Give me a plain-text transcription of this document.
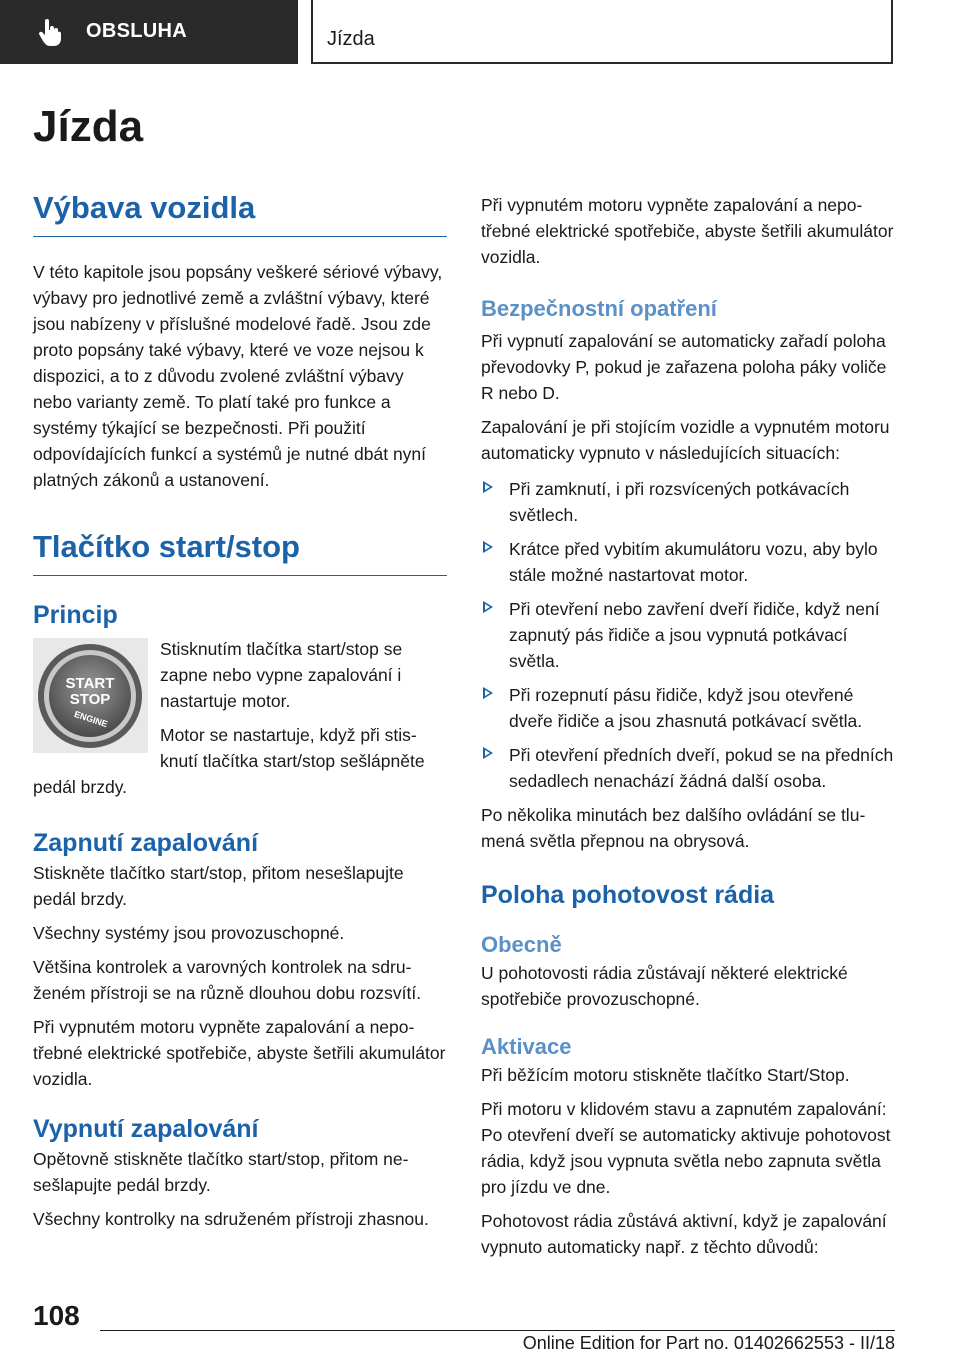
OBSLUHA	Jízda
Jízda
Výbava vozidla

V této kapitole jsou popsány veškeré sériové výbavy, výbavy pro jednotlivé země a zvláštní výbavy, které jsou nabízeny v příslušné modelové řadě. Jsou zde proto popsány také výbavy, které ve voze nejsou k dispozici, a to z důvodu zvolené zvláštní výbavy nebo varianty země. To platí také pro funkce a systémy týkající se bezpečnosti. Při použití odpovídajících funkcí a systémů je nutné dbát nyní platných zákonů a ustanovení.

Tlačítko start/stop
Princip
START
STOP
ENGINE

Stisknutím tlačítka start/stop se zapne nebo vypne zapalování i nastartuje motor.

Motor se nastartuje, když při stisknutí tlačítka start/stop sešlápněte pedál brzdy.

Zapnutí zapalování

Stiskněte tlačítko start/stop, přitom nesešlapujte pedál brzdy.

Všechny systémy jsou provozuschopné.

Většina kontrolek a varovných kontrolek na sdruženém přístroji se na různě dlouhou dobu rozsvítí.

Při vypnutém motoru vypněte zapalování a nepotřebné elektrické spotřebiče, abyste šetřili akumulátor vozidla.

Vypnutí zapalování

Opětovně stiskněte tlačítko start/stop, přitom nesešlapujte pedál brzdy.

Všechny kontrolky na sdruženém přístroji zhasnou.

Při vypnutém motoru vypněte zapalování a nepotřebné elektrické spotřebiče, abyste šetřili akumulátor vozidla.

Bezpečnostní opatření

Při vypnutí zapalování se automaticky zařadí poloha převodovky P, pokud je zařazena poloha páky voliče R nebo D.

Zapalování je při stojícím vozidle a vypnutém motoru automaticky vypnuto v následujících situacích:

Při zamknutí, i při rozsvícených potkávacích světlech.
Krátce před vybitím akumulátoru vozu, aby bylo stále možné nastartovat motor.
Při otevření nebo zavření dveří řidiče, když není zapnutý pás řidiče a jsou vypnutá potkávací světla.
Při rozepnutí pásu řidiče, když jsou otevřené dveře řidiče a jsou zhasnutá potkávací světla.
Při otevření předních dveří, pokud se na předních sedadlech nenachází žádná další osoba.

Po několika minutách bez dalšího ovládání se tlumená světla přepnou na obrysová.

Poloha pohotovost rádia
Obecně

U pohotovosti rádia zůstávají některé elektrické spotřebiče provozuschopné.

Aktivace

Při běžícím motoru stiskněte tlačítko Start/Stop.

Při motoru v klidovém stavu a zapnutém zapalování: Po otevření dveří se automaticky aktivuje pohotovost rádia, když jsou vypnuta světla nebo zapnuta světla pro jízdu ve dne.

Pohotovost rádia zůstává aktivní, když je zapalování vypnuto automaticky např. z těchto důvodů:

108

Online Edition for Part no. 01402662553 - II/18
